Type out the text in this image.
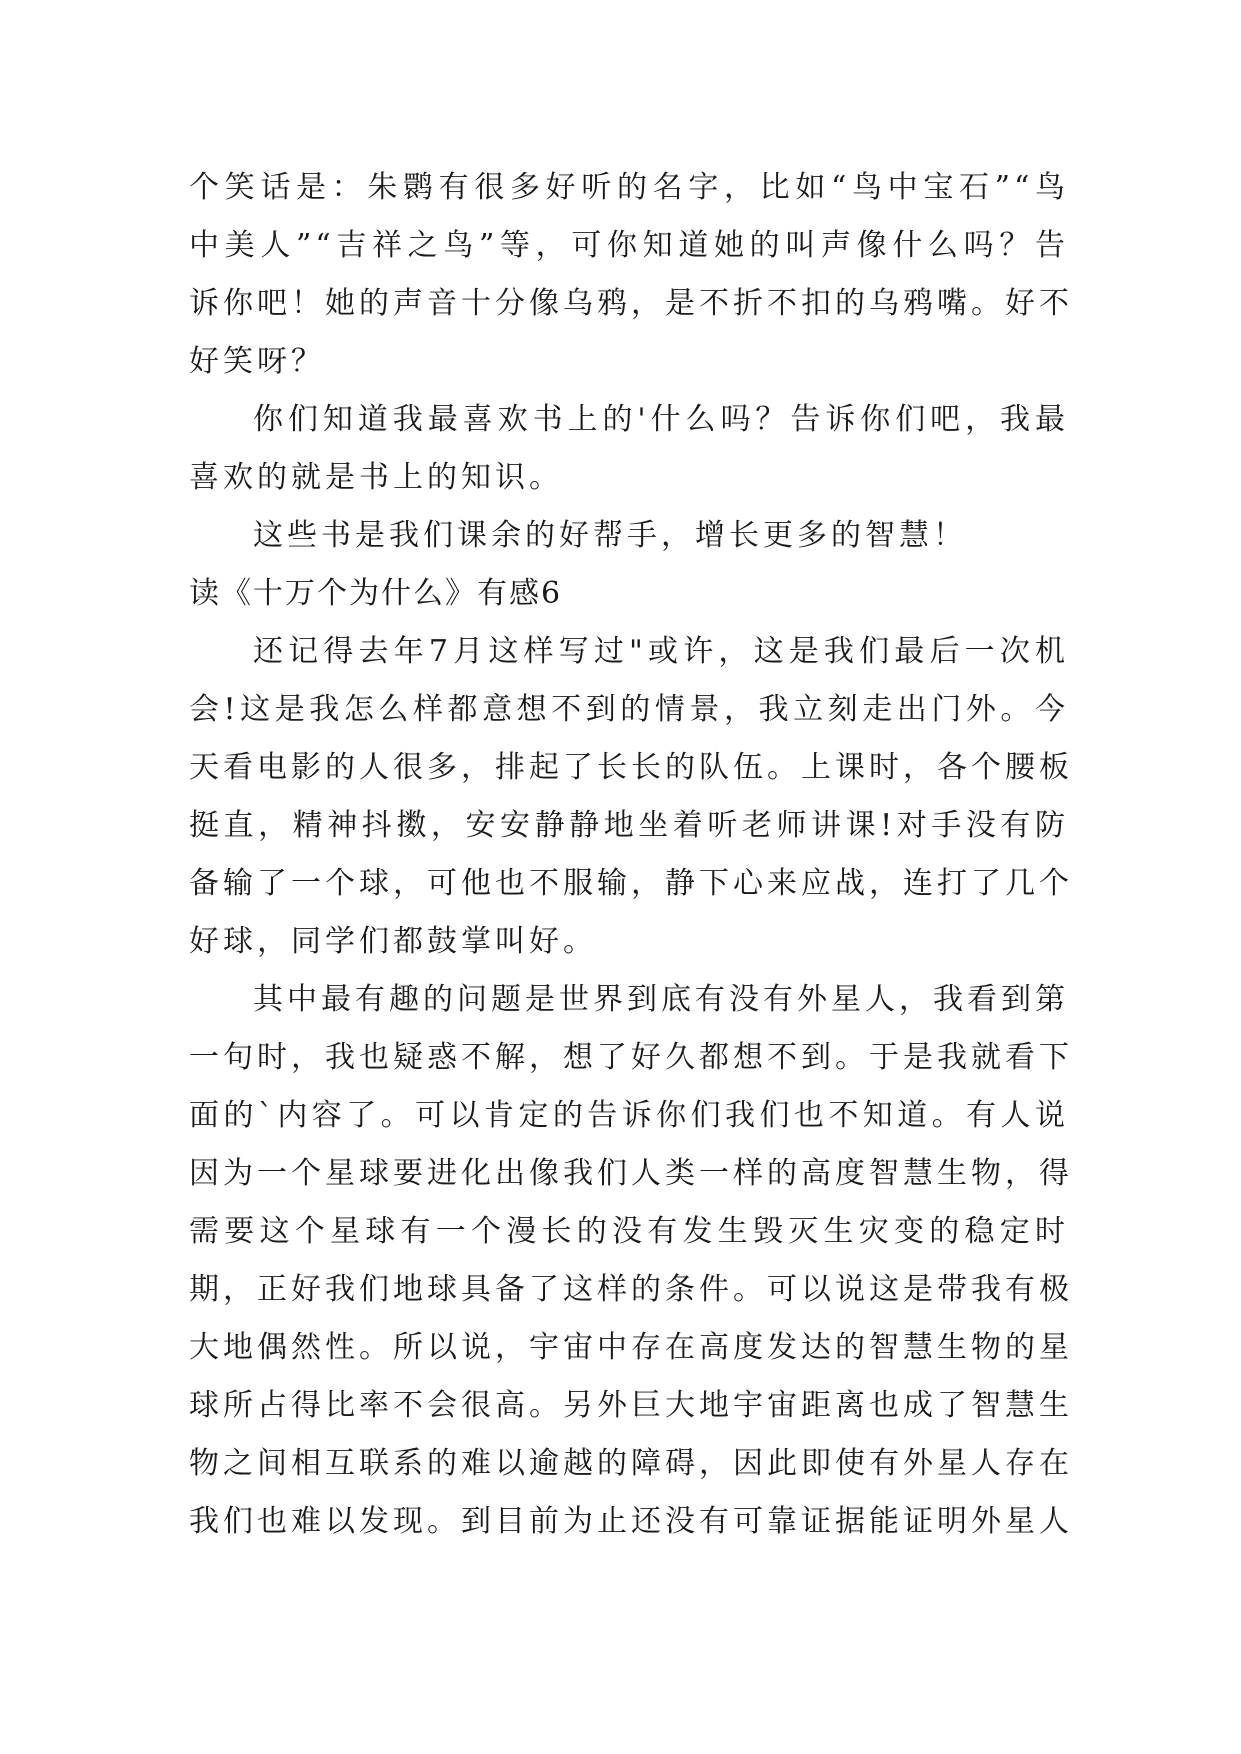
个笑话是：朱鹮有很多好听的名字，比如“鸟中宝石”“鸟
中美人”“吉祥之鸟”等，可你知道她的叫声像什么吗？告
诉你吧！她的声音十分像乌鸦，是不折不扣的乌鸦嘴。好不
好笑呀？
你们知道我最喜欢书上的'什么吗？告诉你们吧，我最
喜欢的就是书上的知识。
这些书是我们课余的好帮手，增长更多的智慧！
读《十万个为什么》有感6
还记得去年7月这样写过"或许，这是我们最后一次机
会!这是我怎么样都意想不到的情景，我立刻走出门外。今
天看电影的人很多，排起了长长的队伍。上课时，各个腰板
挺直，精神抖擞，安安静静地坐着听老师讲课!对手没有防
备输了一个球，可他也不服输，静下心来应战，连打了几个
好球，同学们都鼓掌叫好。
其中最有趣的问题是世界到底有没有外星人，我看到第
一句时，我也疑惑不解，想了好久都想不到。于是我就看下
面的`内容了。可以肯定的告诉你们我们也不知道。有人说
因为一个星球要进化出像我们人类一样的高度智慧生物，得
需要这个星球有一个漫长的没有发生毁灭生灾变的稳定时
期，正好我们地球具备了这样的条件。可以说这是带我有极
大地偶然性。所以说，宇宙中存在高度发达的智慧生物的星
球所占得比率不会很高。另外巨大地宇宙距离也成了智慧生
物之间相互联系的难以逾越的障碍，因此即使有外星人存在
我们也难以发现。到目前为止还没有可靠证据能证明外星人
